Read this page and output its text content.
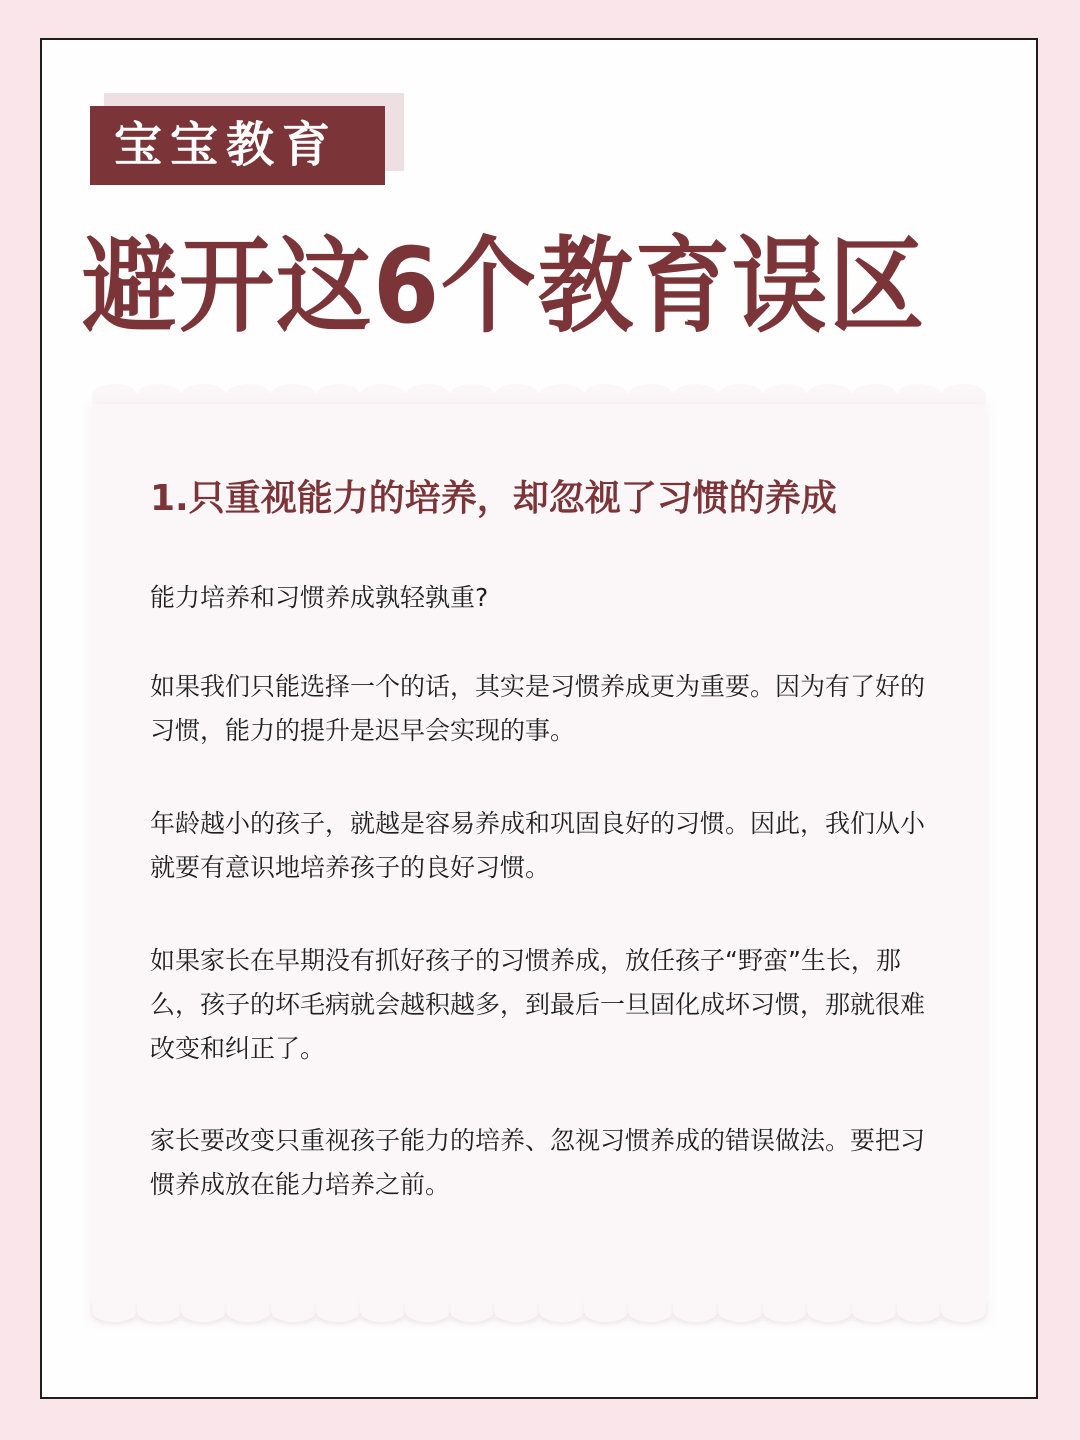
宝宝教育
避开这6个教育误区
1.只重视能力的培养，却忽视了习惯的养成

能力培养和习惯养成孰轻孰重?

如果我们只能选择一个的话，其实是习惯养成更为重要。因为有了好的习惯，能力的提升是迟早会实现的事。

年龄越小的孩子，就越是容易养成和巩固良好的习惯。因此，我们从小就要有意识地培养孩子的良好习惯。

如果家长在早期没有抓好孩子的习惯养成，放任孩子“野蛮”生长，那么，孩子的坏毛病就会越积越多，到最后一旦固化成坏习惯，那就很难改变和纠正了。

家长要改变只重视孩子能力的培养、忽视习惯养成的错误做法。要把习惯养成放在能力培养之前。
